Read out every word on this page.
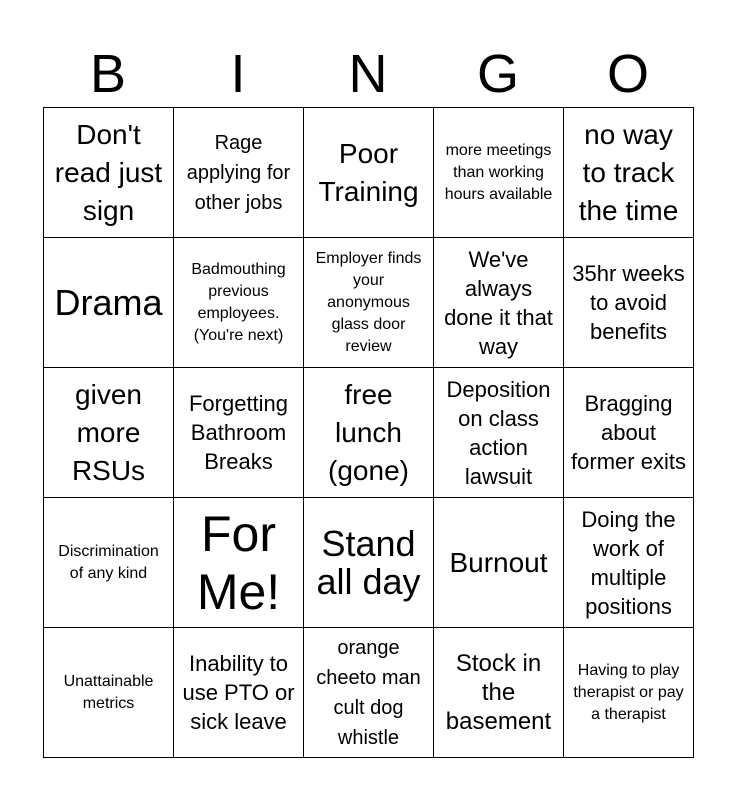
B	I	N	G	O
Don't read just sign
Rage applying for other jobs
Poor Training
more meetings than working hours available
no way to track the time
Drama
Badmouthing previous employees. (You're next)
Employer finds your anonymous glass door review
We've always done it that way
35hr weeks to avoid benefits
given more RSUs
Forgetting Bathroom Breaks
free lunch (gone)
Deposition on class action lawsuit
Bragging about former exits
Discrimination of any kind
For Me!
Stand all day Burnout
Doing the work of multiple positions
Unattainable metrics
Inability to use PTO or sick leave
orange cheeto man cult dog whistle
Stock in the basement
Having to play therapist or pay a therapist
